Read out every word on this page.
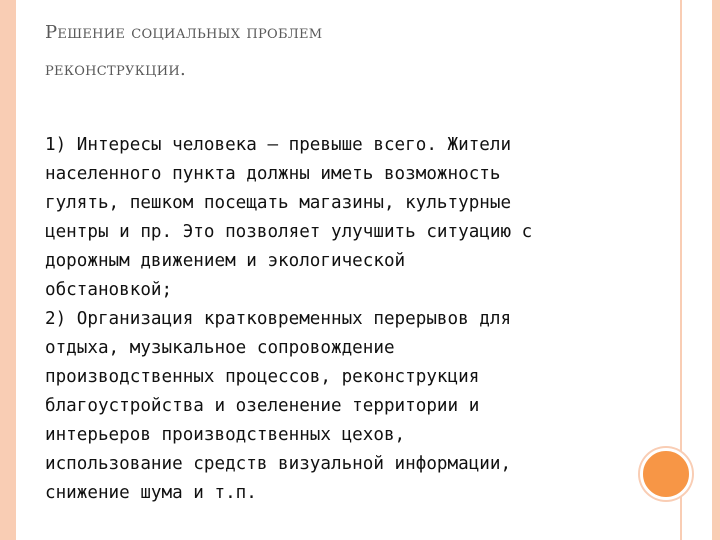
Решение социальных проблем
реконструкции.
1) Интересы человека — превыше всего. Жители
населенного пункта должны иметь возможность
гулять, пешком посещать магазины, культурные
центры и пр. Это позволяет улучшить ситуацию с
дорожным движением и экологической
обстановкой;
2) Организация кратковременных перерывов для
отдыха, музыкальное сопровождение
производственных процессов, реконструкция
благоустройства и озеленение территории и
интерьеров производственных цехов,
использование средств визуальной информации,
снижение шума и т.п.
